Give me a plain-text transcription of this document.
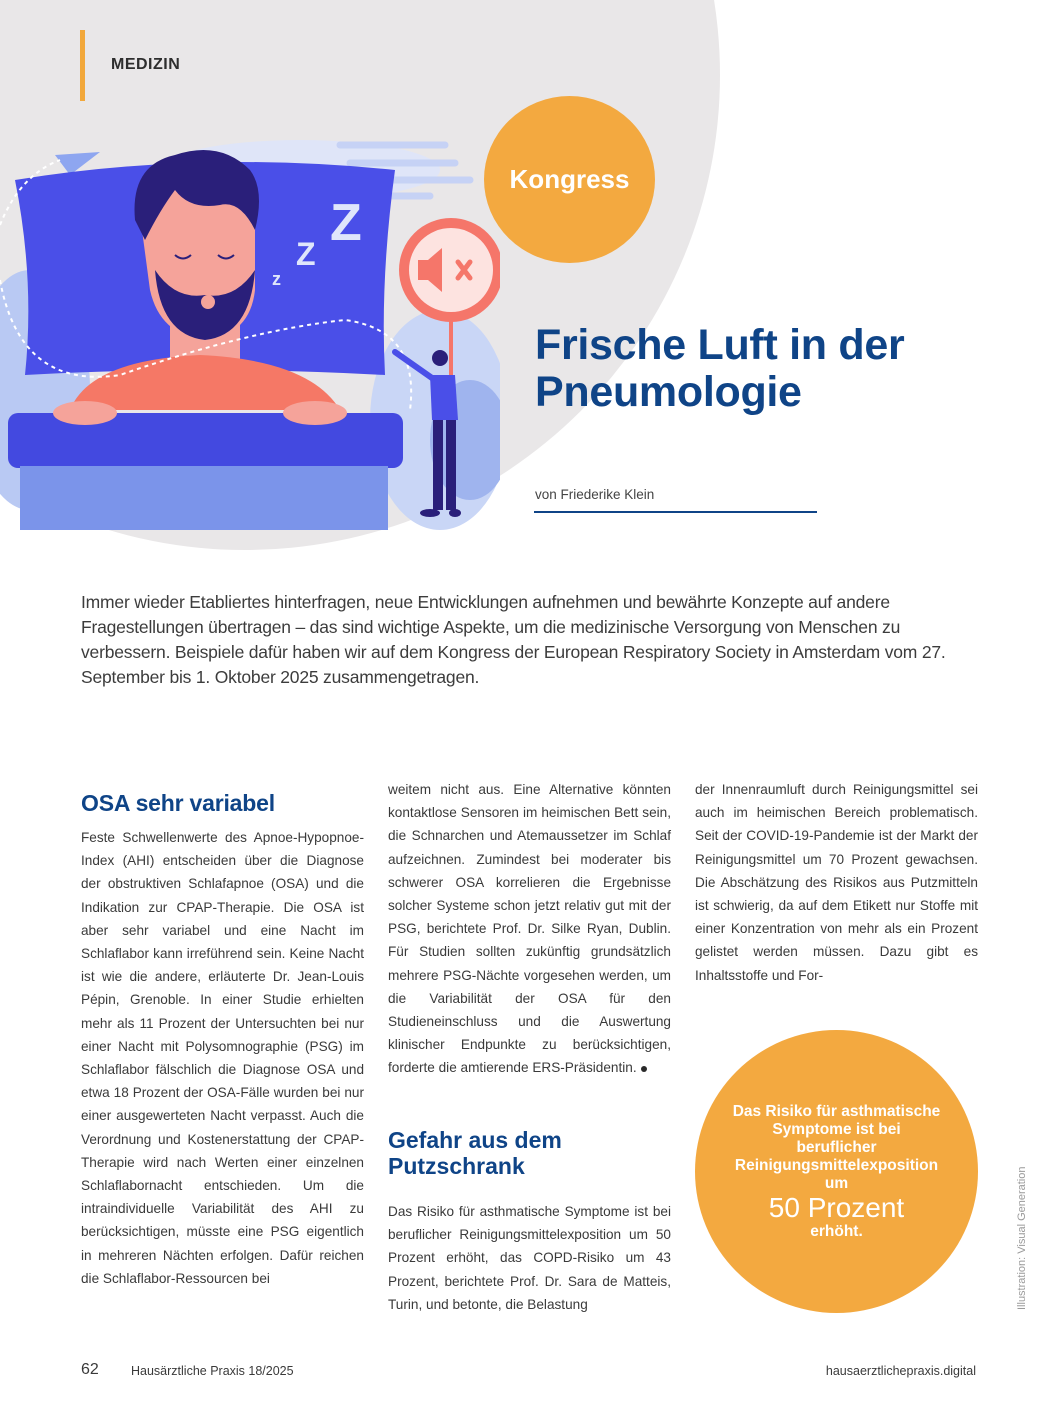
MEDIZIN
z
Z
Z
Kongress
Frische Luft in der
Pneumologie
von Friederike Klein

Immer wieder Etabliertes hinterfragen, neue Entwicklungen aufnehmen und bewährte Konzepte auf andere Fragestellungen übertragen – das sind wichtige Aspekte, um die medizinische Versorgung von Menschen zu verbessern. Beispiele dafür haben wir auf dem Kongress der European Respiratory Society in Amsterdam vom 27. September bis 1. Oktober 2025 zusammengetragen.

OSA sehr variabel

Feste Schwellenwerte des Apnoe-Hypopnoe-Index (AHI) entscheiden über die Diagnose der obstruktiven Schlafapnoe (OSA) und die Indikation zur CPAP-Therapie. Die OSA ist aber sehr variabel und eine Nacht im Schlaflabor kann irreführend sein. Keine Nacht ist wie die andere, erläuterte Dr. Jean-Louis Pépin, Grenoble. In einer Studie erhielten mehr als 11 Prozent der Untersuchten bei nur einer Nacht mit Polysomnographie (PSG) im Schlaflabor fälschlich die Diagnose OSA und etwa 18 Prozent der OSA-Fälle wurden bei nur einer ausgewerteten Nacht verpasst. Auch die Verordnung und Kostenerstattung der CPAP-Therapie wird nach Werten einer einzelnen Schlaflabornacht entschieden. Um die intraindividuelle Variabilität des AHI zu berücksichtigen, müsste eine PSG eigentlich in mehreren Nächten erfolgen. Dafür reichen die Schlaflabor-Ressourcen bei

weitem nicht aus. Eine Alternative könnten kontaktlose Sensoren im heimischen Bett sein, die Schnarchen und Atemaussetzer im Schlaf aufzeichnen. Zumindest bei moderater bis schwerer OSA korrelieren die Ergebnisse solcher Systeme schon jetzt relativ gut mit der PSG, berichtete Prof. Dr. Silke Ryan, Dublin. Für Studien sollten zukünftig grundsätzlich mehrere PSG-Nächte vorgesehen werden, um die Variabilität der OSA für den Studieneinschluss und die Auswertung klinischer Endpunkte zu berücksichtigen, forderte die amtierende ERS-Präsidentin.

Gefahr aus dem Putzschrank

Das Risiko für asthmatische Symptome ist bei beruflicher Reinigungsmittelexposition um 50 Prozent erhöht, das COPD-Risiko um 43 Prozent, berichtete Prof. Dr. Sara de Matteis, Turin, und betonte, die Belastung

der Innenraumluft durch Reinigungsmittel sei auch im heimischen Bereich problematisch. Seit der COVID-19-Pandemie ist der Markt der Reinigungsmittel um 70 Prozent gewachsen. Die Abschätzung des Risikos aus Putzmitteln ist schwierig, da auf dem Etikett nur Stoffe mit einer Konzentration von mehr als ein Prozent gelistet werden müssen. Dazu gibt es Inhaltsstoffe und For-

Das Risiko für asthmatische
Symptome ist bei
beruflicher
Reinigungsmittelexposition
um
50 Prozent
erhöht.	Illustration: Visual Generation
62	Hausärztliche Praxis 18/2025	hausaerztlichepraxis.digital
